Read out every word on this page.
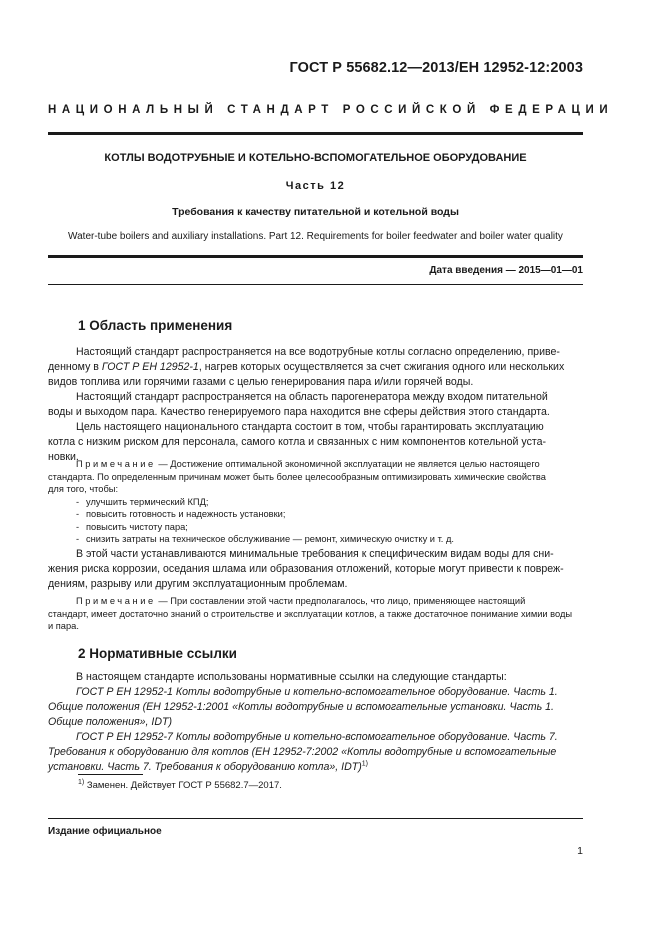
ГОСТ Р 55682.12—2013/ЕН 12952-12:2003
НАЦИОНАЛЬНЫЙ СТАНДАРТ РОССИЙСКОЙ ФЕДЕРАЦИИ
КОТЛЫ ВОДОТРУБНЫЕ И КОТЕЛЬНО-ВСПОМОГАТЕЛЬНОЕ ОБОРУДОВАНИЕ
Часть 12
Требования к качеству питательной и котельной воды
Water-tube boilers and auxiliary installations. Part 12. Requirements for boiler feedwater and boiler water quality
Дата введения — 2015—01—01
1 Область применения
Настоящий стандарт распространяется на все водотрубные котлы согласно определению, приве-
денному в ГОСТ Р ЕН 12952-1, нагрев которых осуществляется за счет сжигания одного или нескольких
видов топлива или горячими газами с целью генерирования пара и/или горячей воды.
Настоящий стандарт распространяется на область парогенератора между входом питательной
воды и выходом пара. Качество генерируемого пара находится вне сферы действия этого стандарта.
Цель настоящего национального стандарта состоит в том, чтобы гарантировать эксплуатацию
котла с низким риском для персонала, самого котла и связанных с ним компонентов котельной уста-
новки.
Примечание — Достижение оптимальной экономичной эксплуатации не является целью настоящего
стандарта. По определенным причинам может быть более целесообразным оптимизировать химические свойства
для того, чтобы:
- улучшить термический КПД;
- повысить готовность и надежность установки;
- повысить чистоту пара;
- снизить затраты на техническое обслуживание — ремонт, химическую очистку и т. д.
В этой части устанавливаются минимальные требования к специфическим видам воды для сни-
жения риска коррозии, оседания шлама или образования отложений, которые могут привести к повреж-
дениям, разрыву или другим эксплуатационным проблемам.
Примечание — При составлении этой части предполагалось, что лицо, применяющее настоящий
стандарт, имеет достаточно знаний о строительстве и эксплуатации котлов, а также достаточное понимание химии воды
и пара.
2 Нормативные ссылки
В настоящем стандарте использованы нормативные ссылки на следующие стандарты:
ГОСТ Р ЕН 12952-1 Котлы водотрубные и котельно-вспомогательное оборудование. Часть 1.
Общие положения (ЕН 12952-1:2001 «Котлы водотрубные и вспомогательные установки. Часть 1.
Общие положения», IDT)
ГОСТ Р ЕН 12952-7 Котлы водотрубные и котельно-вспомогательное оборудование. Часть 7.
Требования к оборудованию для котлов (ЕН 12952-7:2002 «Котлы водотрубные и вспомогательные
установки. Часть 7. Требования к оборудованию котла», IDT)$^{1)}$
$^{1)}$ Заменен. Действует ГОСТ Р 55682.7—2017.
Издание официальное
1
